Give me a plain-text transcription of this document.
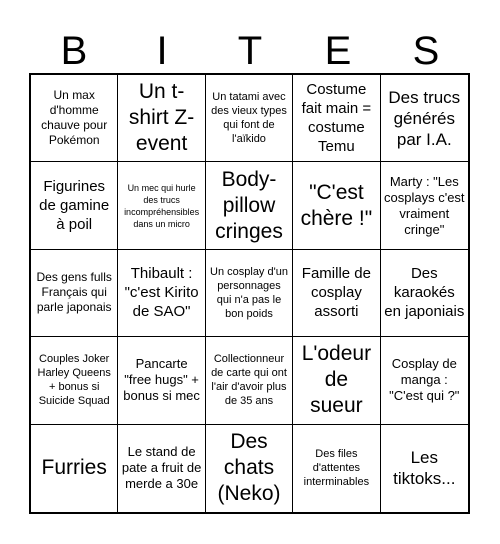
B	I	T	E	S
Un max d'homme chauve pour Pokémon
Un t-shirt Z-event
Un tatami avec des vieux types qui font de l'aïkido
Costume fait main = costume Temu
Des trucs générés par I.A.
Figurines de gamine à poil
Un mec qui hurle des trucs incompréhensibles dans un micro
Body-pillow cringes
"C'est chère !"
Marty : "Les cosplays c'est vraiment cringe"
Des gens fulls Français qui parle japonais
Thibault : "c'est Kirito de SAO"
Un cosplay d'un personnages qui n'a pas le bon poids
Famille de cosplay assorti
Des karaokés en japoniais
Couples Joker Harley Queens + bonus si Suicide Squad
Pancarte "free hugs" + bonus si mec
Collectionneur de carte qui ont l'air d'avoir plus de 35 ans
L'odeur de sueur
Cosplay de manga : "C'est qui ?"
Furries
Le stand de pate a fruit de merde a 30e
Des chats (Neko)
Des files d'attentes interminables
Les tiktoks...
